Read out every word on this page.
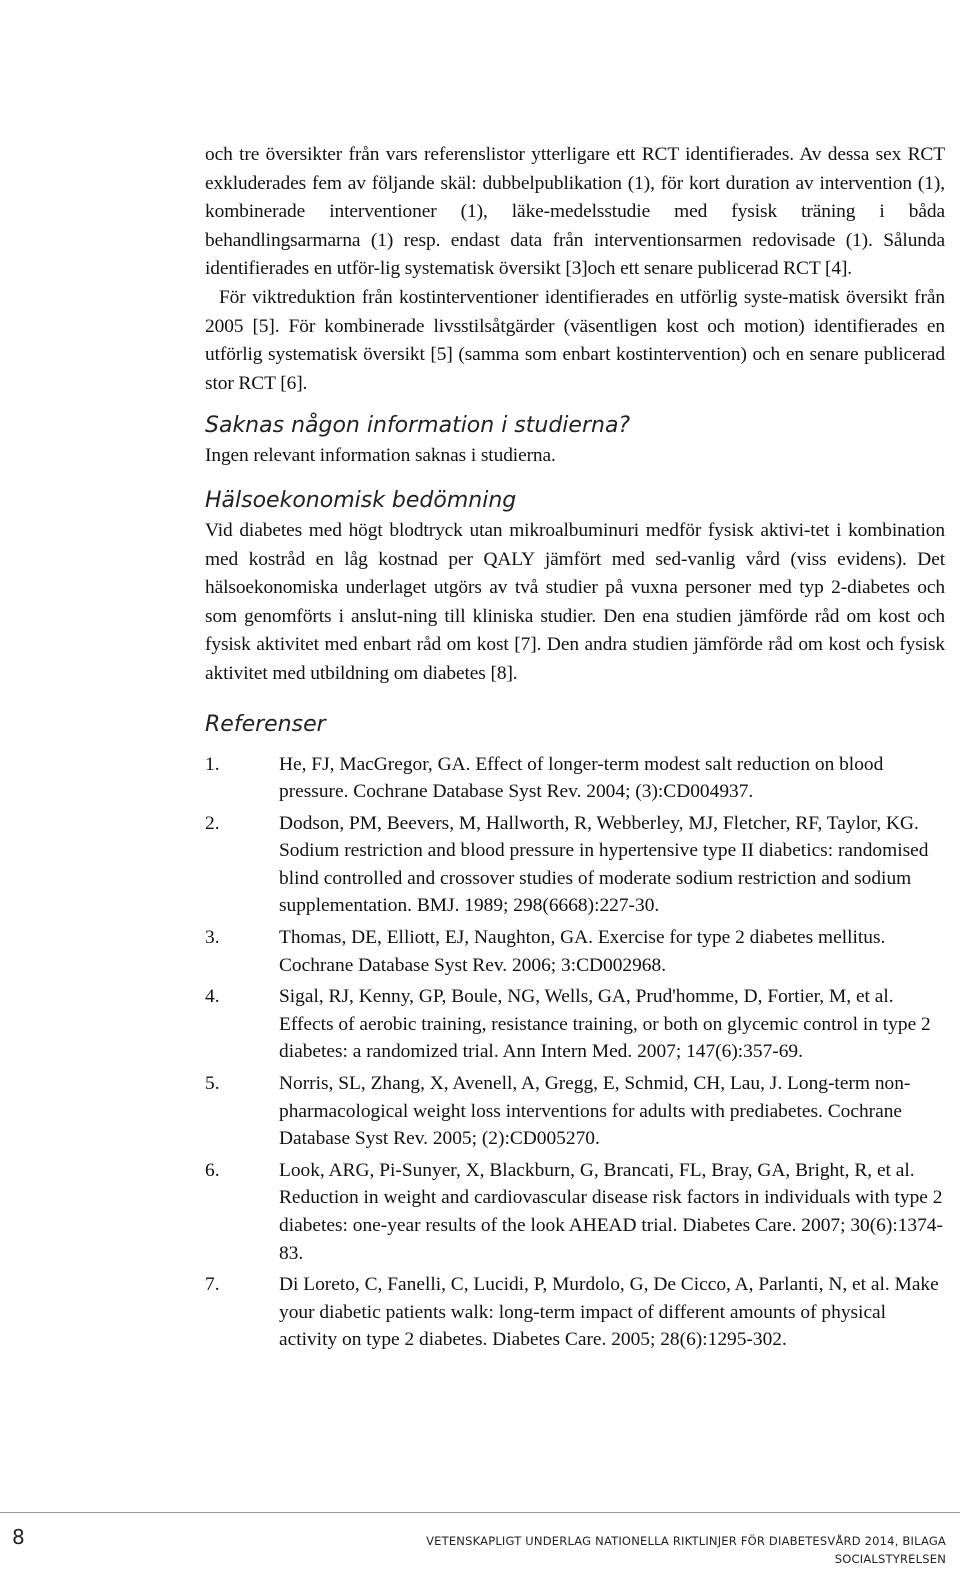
och tre översikter från vars referenslistor ytterligare ett RCT identifierades. Av dessa sex RCT exkluderades fem av följande skäl: dubbelpublikation (1), för kort duration av intervention (1), kombinerade interventioner (1), läke-medelsstudie med fysisk träning i båda behandlingsarmarna (1) resp. endast data från interventionsarmen redovisade (1). Sålunda identifierades en utför-lig systematisk översikt [3]och ett senare publicerad RCT [4].

För viktreduktion från kostinterventioner identifierades en utförlig syste-matisk översikt från 2005 [5]. För kombinerade livsstilsåtgärder (väsentligen kost och motion) identifierades en utförlig systematisk översikt [5] (samma som enbart kostintervention) och en senare publicerad stor RCT [6].

Saknas någon information i studierna?

Ingen relevant information saknas i studierna.

Hälsoekonomisk bedömning

Vid diabetes med högt blodtryck utan mikroalbuminuri medför fysisk aktivi-tet i kombination med kostråd en låg kostnad per QALY jämfört med sed-vanlig vård (viss evidens). Det hälsoekonomiska underlaget utgörs av två studier på vuxna personer med typ 2-diabetes och som genomförts i anslut-ning till kliniska studier. Den ena studien jämförde råd om kost och fysisk aktivitet med enbart råd om kost [7]. Den andra studien jämförde råd om kost och fysisk aktivitet med utbildning om diabetes [8].

Referenser
1.	He, FJ, MacGregor, GA. Effect of longer-term modest salt reduction on blood pressure. Cochrane Database Syst Rev. 2004; (3):CD004937.
2.	Dodson, PM, Beevers, M, Hallworth, R, Webberley, MJ, Fletcher, RF, Taylor, KG. Sodium restriction and blood pressure in hypertensive type II diabetics: randomised blind controlled and crossover studies of moderate sodium restriction and sodium supplementation. BMJ. 1989; 298(6668):227-30.
3.	Thomas, DE, Elliott, EJ, Naughton, GA. Exercise for type 2 diabetes mellitus. Cochrane Database Syst Rev. 2006; 3:CD002968.
4.	Sigal, RJ, Kenny, GP, Boule, NG, Wells, GA, Prud'homme, D, Fortier, M, et al. Effects of aerobic training, resistance training, or both on glycemic control in type 2 diabetes: a randomized trial. Ann Intern Med. 2007; 147(6):357-69.
5.	Norris, SL, Zhang, X, Avenell, A, Gregg, E, Schmid, CH, Lau, J. Long-term non-pharmacological weight loss interventions for adults with prediabetes. Cochrane Database Syst Rev. 2005; (2):CD005270.
6.	Look, ARG, Pi-Sunyer, X, Blackburn, G, Brancati, FL, Bray, GA, Bright, R, et al. Reduction in weight and cardiovascular disease risk factors in individuals with type 2 diabetes: one-year results of the look AHEAD trial. Diabetes Care. 2007; 30(6):1374-83.
7.	Di Loreto, C, Fanelli, C, Lucidi, P, Murdolo, G, De Cicco, A, Parlanti, N, et al. Make your diabetic patients walk: long-term impact of different amounts of physical activity on type 2 diabetes. Diabetes Care. 2005; 28(6):1295-302.
8	VETENSKAPLIGT UNDERLAG NATIONELLA RIKTLINJER FÖR DIABETESVÅRD 2014, BILAGA
SOCIALSTYRELSEN
